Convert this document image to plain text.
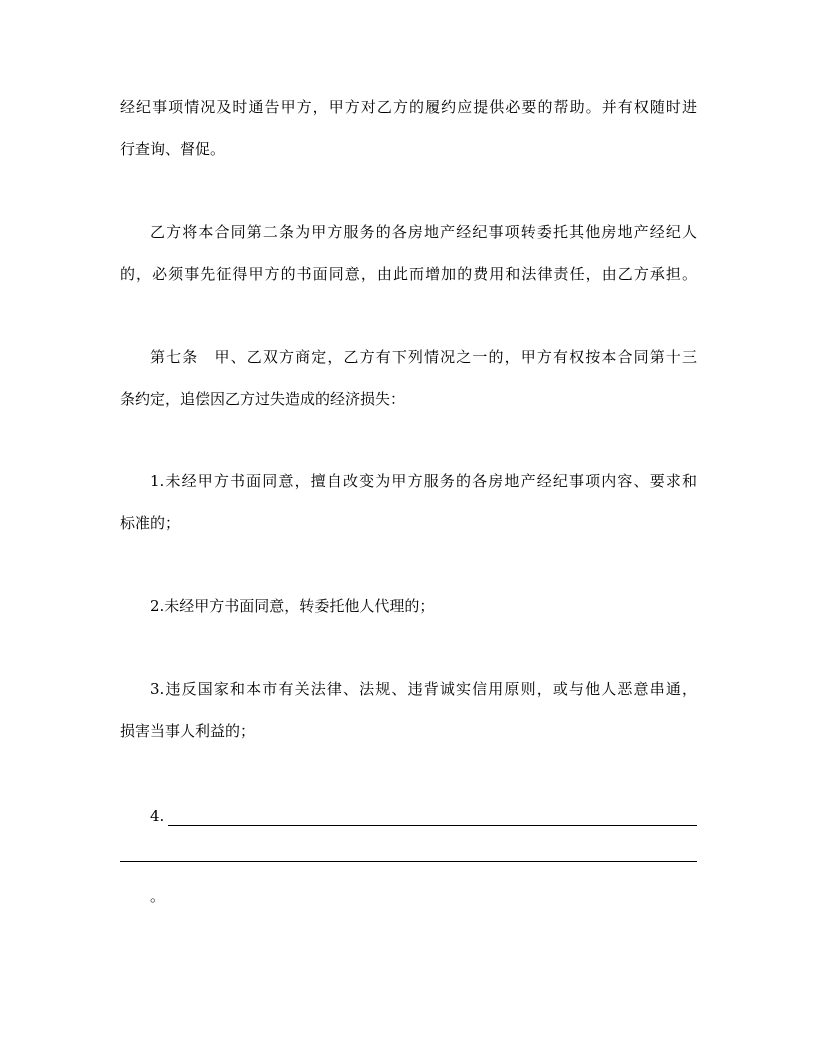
经纪事项情况及时通告甲方，甲方对乙方的履约应提供必要的帮助。并有权随时进
行查询、督促。
乙方将本合同第二条为甲方服务的各房地产经纪事项转委托其他房地产经纪人
的，必须事先征得甲方的书面同意，由此而增加的费用和法律责任，由乙方承担。
第七条　甲、乙双方商定，乙方有下列情况之一的，甲方有权按本合同第十三
条约定，追偿因乙方过失造成的经济损失：
1.未经甲方书面同意，擅自改变为甲方服务的各房地产经纪事项内容、要求和
标准的；
2.未经甲方书面同意，转委托他人代理的；
3.违反国家和本市有关法律、法规、违背诚实信用原则，或与他人恶意串通，
损害当事人利益的；
4.
。
